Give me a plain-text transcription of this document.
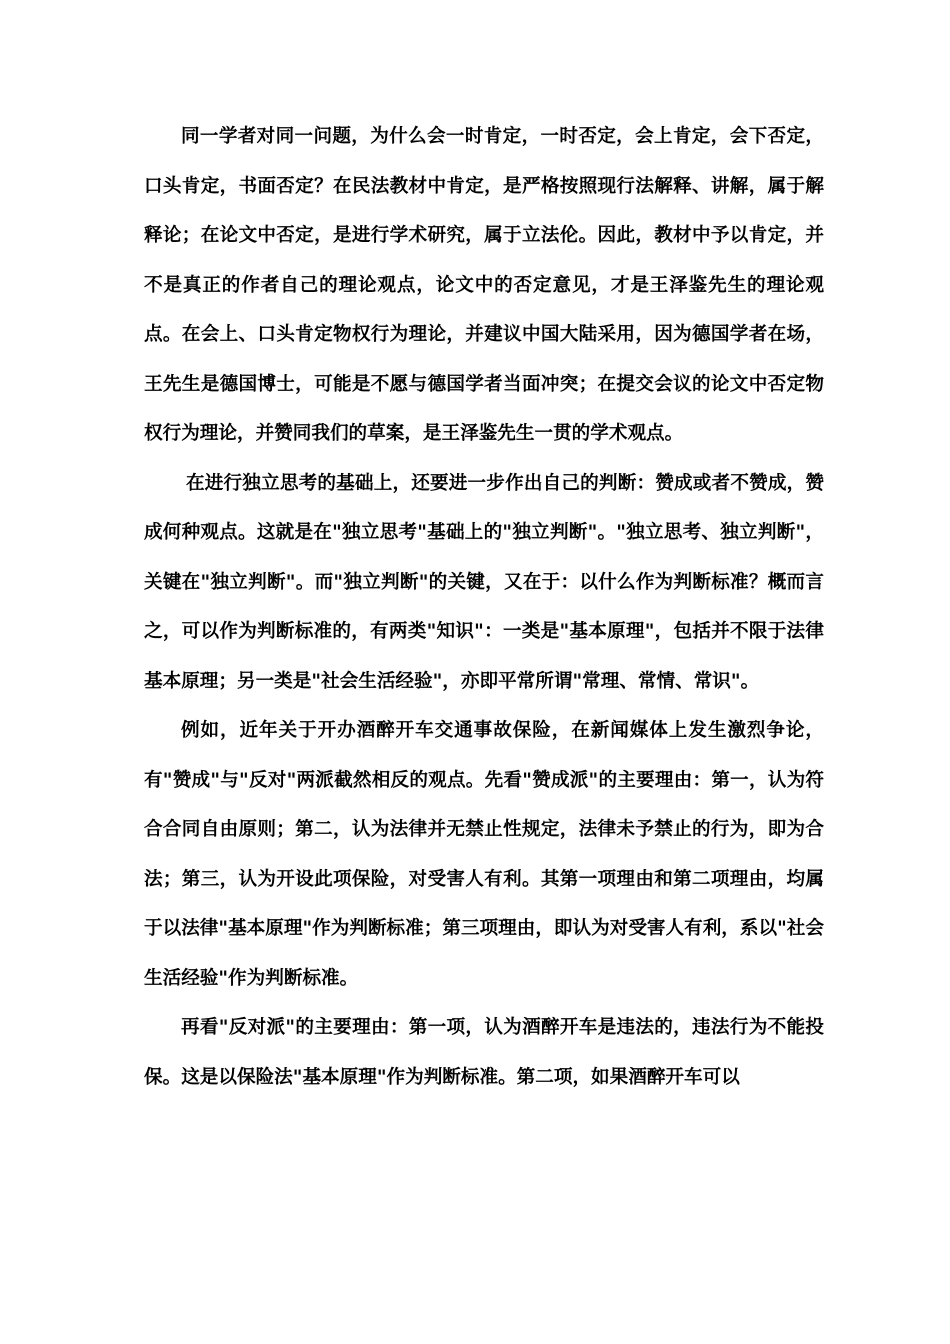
同一学者对同一问题，为什么会一时肯定，一时否定，会上肯定，会下否定，口头肯定，书面否定？在民法教材中肯定，是严格按照现行法解释、讲解，属于解释论；在论文中否定，是进行学术研究，属于立法伦。因此，教材中予以肯定，并不是真正的作者自己的理论观点，论文中的否定意见，才是王泽鉴先生的理论观点。在会上、口头肯定物权行为理论，并建议中国大陆采用，因为德国学者在场，王先生是德国博士，可能是不愿与德国学者当面冲突；在提交会议的论文中否定物权行为理论，并赞同我们的草案，是王泽鉴先生一贯的学术观点。

在进行独立思考的基础上，还要进一步作出自己的判断：赞成或者不赞成，赞成何种观点。这就是在"独立思考"基础上的"独立判断"。"独立思考、独立判断"，关键在"独立判断"。而"独立判断"的关键，又在于：以什么作为判断标准？概而言之，可以作为判断标准的，有两类"知识"：一类是"基本原理"，包括并不限于法律基本原理；另一类是"社会生活经验"，亦即平常所谓"常理、常情、常识"。

例如，近年关于开办酒醉开车交通事故保险，在新闻媒体上发生激烈争论，有"赞成"与"反对"两派截然相反的观点。先看"赞成派"的主要理由：第一，认为符合合同自由原则；第二，认为法律并无禁止性规定，法律未予禁止的行为，即为合法；第三，认为开设此项保险，对受害人有利。其第一项理由和第二项理由，均属于以法律"基本原理"作为判断标准；第三项理由，即认为对受害人有利，系以"社会生活经验"作为判断标准。

再看"反对派"的主要理由：第一项，认为酒醉开车是违法的，违法行为不能投保。这是以保险法"基本原理"作为判断标准。第二项，如果酒醉开车可以
